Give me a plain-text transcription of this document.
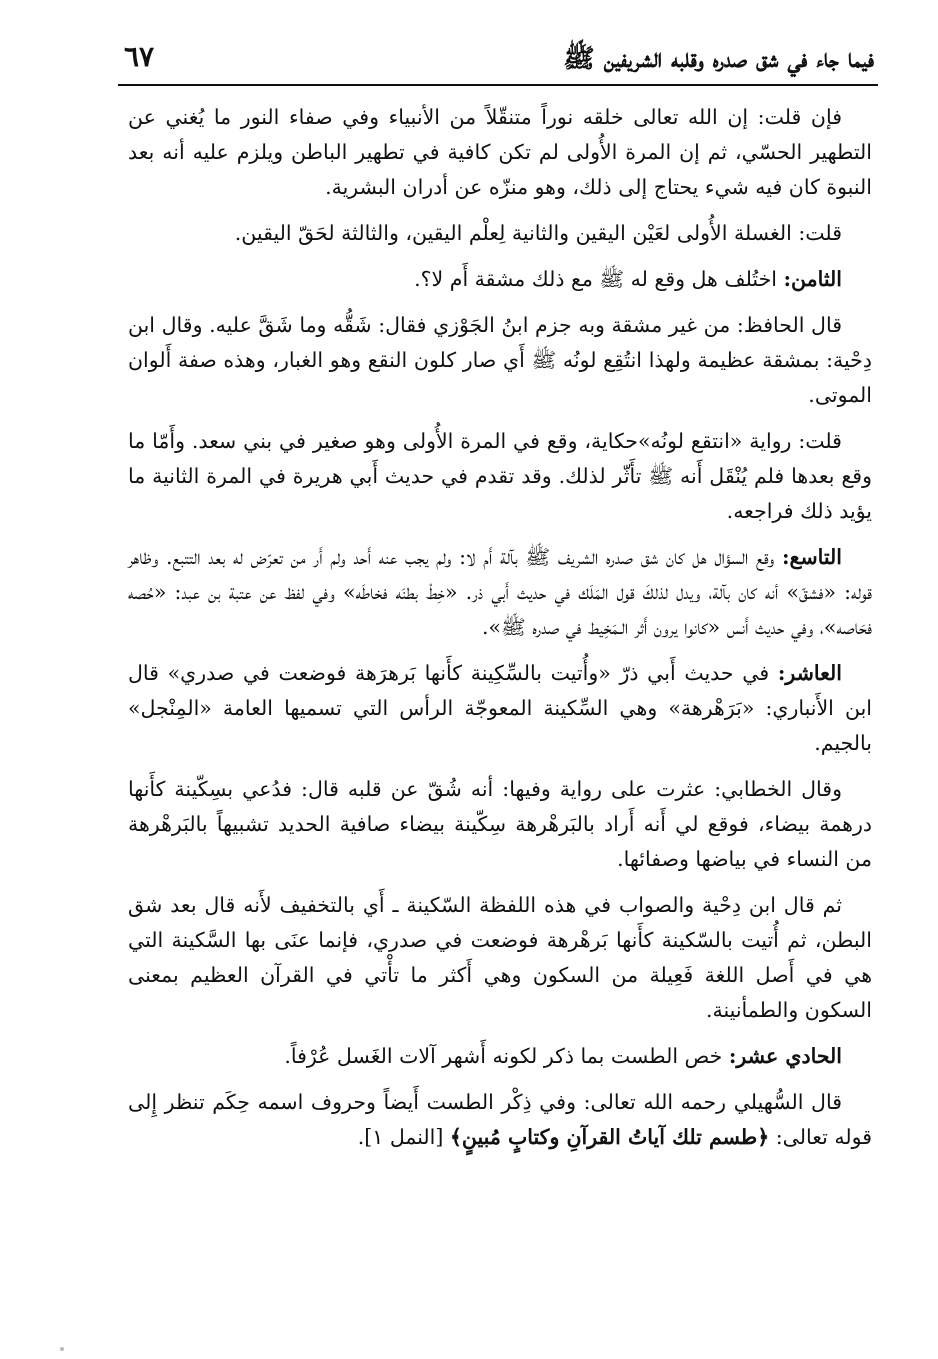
فيما جاء في شق صدره وقلبه الشريفين ﷺ
٦٧

فإن قلت: إن الله تعالى خلقه نوراً متنقّلاً من الأنبياء وفي صفاء النور ما يُغني عن التطهير الحسّي، ثم إن المرة الأُولى لم تكن كافية في تطهير الباطن ويلزم عليه أنه بعد النبوة كان فيه شيء يحتاج إلى ذلك، وهو منزّه عن أدران البشرية.

قلت: الغسلة الأُولى لعَيْن اليقين والثانية لِعلْم اليقين، والثالثة لحَقّ اليقين.

الثامن: اختُلف هل وقع له ﷺ مع ذلك مشقة أَم لا؟.

قال الحافظ: من غير مشقة وبه جزم ابنُ الجَوْزي فقال: شَقُّه وما شَقَّ عليه. وقال ابن دِحْية: بمشقة عظيمة ولهذا انتُقِع لونُه ﷺ أَي صار كلون النقع وهو الغبار، وهذه صفة أَلوان الموتى.

قلت: رواية «انتقع لونُه»حكاية، وقع في المرة الأُولى وهو صغير في بني سعد. وأَمّا ما وقع بعدها فلم يُنْقَل أَنه ﷺ تأَثّر لذلك. وقد تقدم في حديث أَبي هريرة في المرة الثانية ما يؤيد ذلك فراجعه.

التاسع: وقع السؤال هل كان شق صدره الشريف ﷺ بآلة أَم لا: ولم يجب عنه أَحد ولم أَر من تعرّض له بعد التتبع. وظاهر قوله: «فشقّ» أنه كان بآلة، ويدل لذلكَ قول المَلَك في حديث أَبي ذر. «خِطْ بطنَه فخاطَه» وفي لفظ عن عتبة بن عبد: «حُصه فحَاصه»، وفي حديث أَنس «كانوا يرون أَثر الـمَخِيط في صدره ﷺ».

العاشر: في حديث أَبي ذرّ «وأُتيت بالسِّكِينة كأَنها بَرهرَهة فوضعت في صدري» قال ابن الأَنباري: «بَرَهْرهة» وهي السِّكينة المعوجّة الرأس التي تسميها العامة «المِنْجل» بالجيم.

وقال الخطابي: عثرت على رواية وفيها: أنه شُقّ عن قلبه قال: فدُعي بسِكّينة كأَنها درهمة بيضاء، فوقع لي أَنه أَراد بالبَرهْرهة سِكّينة بيضاء صافية الحديد تشبيهاً بالبَرهْرهة من النساء في بياضها وصفائها.

ثم قال ابن دِحْية والصواب في هذه اللفظة السّكينة ـ أَي بالتخفيف لأَنه قال بعد شق البطن، ثم أُتيت بالسّكينة كأَنها بَرهْرهة فوضعت في صدري، فإنما عنَى بها السَّكينة التي هي في أَصل اللغة فَعِيلة من السكون وهي أَكثر ما تأْتي في القرآن العظيم بمعنى السكون والطمأنينة.

الحادي عشر: خص الطست بما ذكر لكونه أَشهر آلات الغَسل عُرْفاً.

قال السُّهيلي رحمه الله تعالى: وفي ذِكْر الطست أَيضاً وحروف اسمه حِكَم تنظر إِلى قوله تعالى: ﴿طسم تلك آياتُ القرآنِ وكتابٍ مُبينٍ﴾ [النمل ١].
